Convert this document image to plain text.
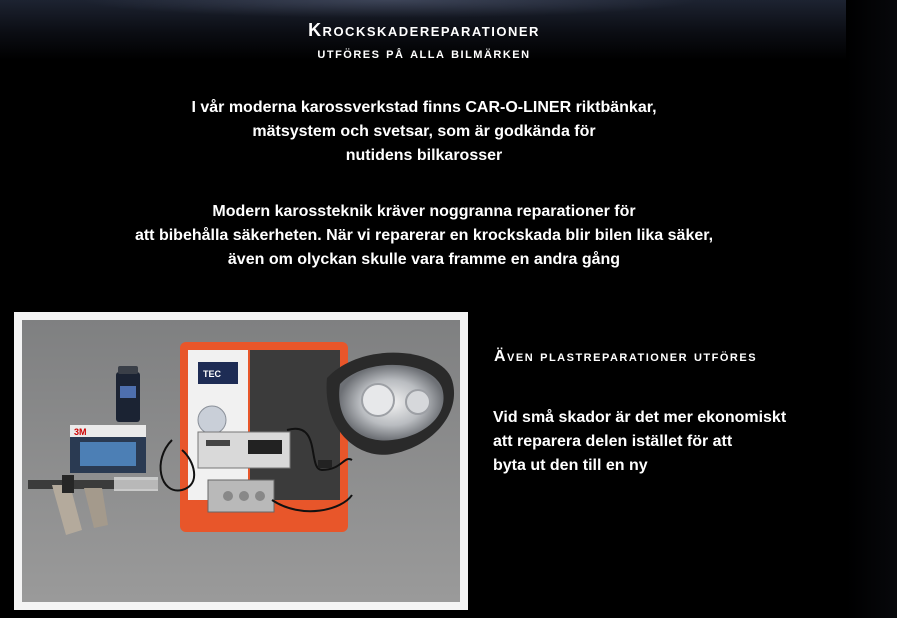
Krockskadereparationer
utföres på alla bilmärken

I vår moderna karossverkstad finns CAR-O-LINER riktbänkar,
mätsystem och svetsar, som är godkända för
nutidens bilkarosser

Modern karossteknik kräver noggranna reparationer för
att bibehålla säkerheten. När vi reparerar en krockskada blir bilen lika säker,
även om olyckan skulle vara framme en andra gång

3M
TEC
Även plastreparationer utföres

Vid små skador är det mer ekonomiskt
att reparera delen istället för att
byta ut den till en ny
